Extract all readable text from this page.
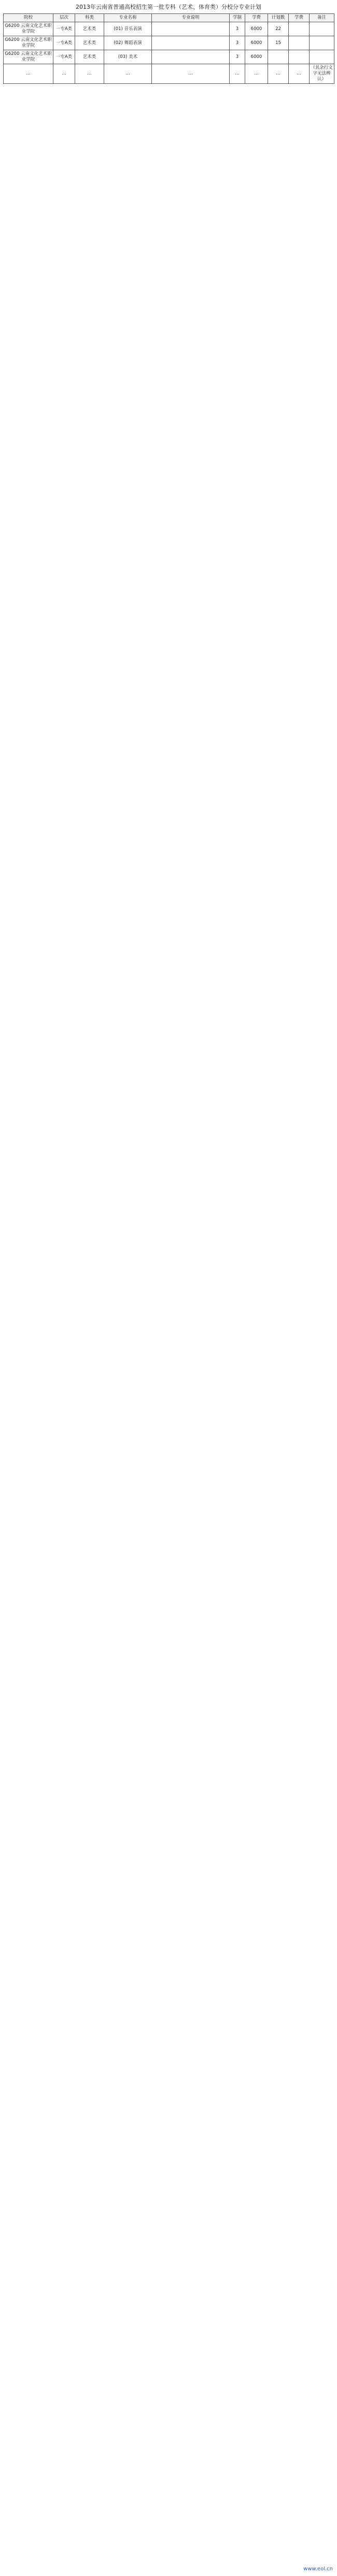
2013年云南省普通高校招生第一批专科（艺术、体育类）分校分专业计划
院校	层次	科类	专业名称	专业说明	学制	学费	计划数	学费	备注
G6200 云南文化艺术职业学院	一专A类	艺术类	(01) 音乐表演		3	6000	22		
G6200 云南文化艺术职业学院	一专A类	艺术类	(02) 舞蹈表演		3	6000	15		
G6200 云南文化艺术职业学院	一专A类	艺术类	(03) 美术		3	6000			
…	…	…	…	…	…	…	…	…	（其余行文字无法辨认）
www.eol.cn
